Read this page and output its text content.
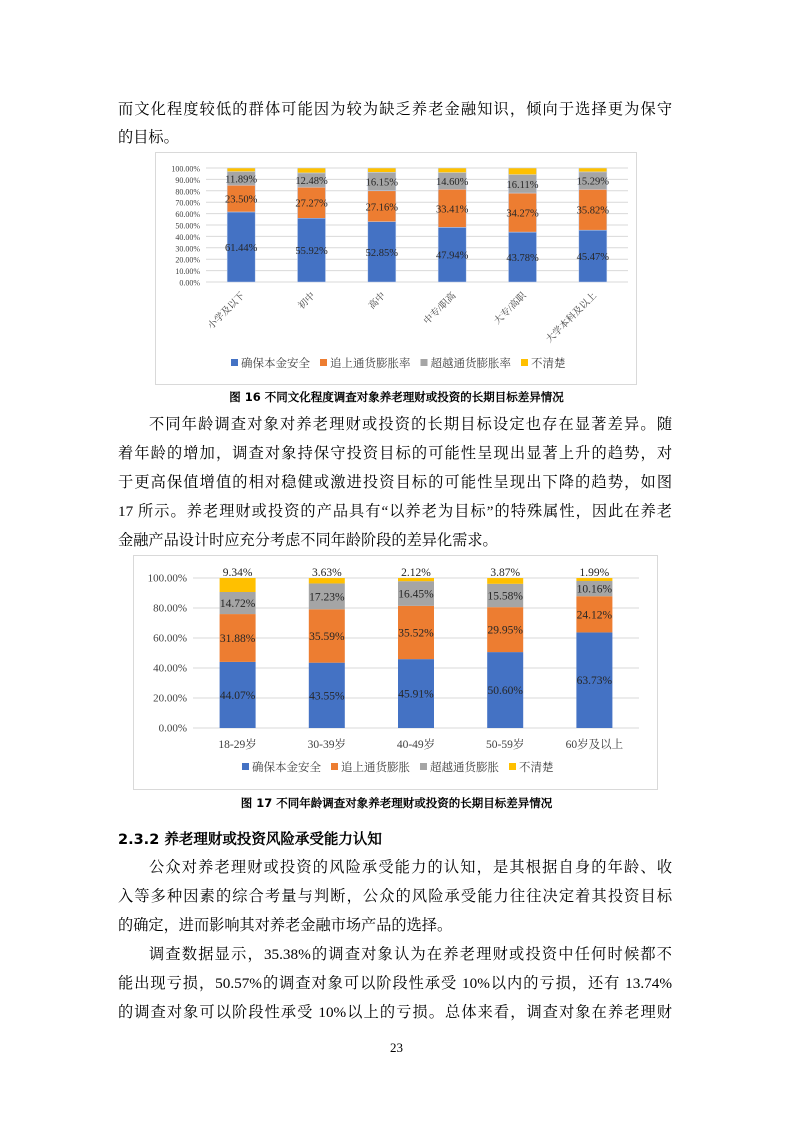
而文化程度较低的群体可能因为较为缺乏养老金融知识，倾向于选择更为保守
的目标。
0.00%
10.00%
20.00%
30.00%
40.00%
50.00%
60.00%
70.00%
80.00%
90.00%
100.00%
61.44%
23.50%
11.89%
小学及以下
55.92%
27.27%
12.48%
初中
52.85%
27.16%
16.15%
高中
47.94%
33.41%
14.60%
中专/职高
43.78%
34.27%
16.11%
大专/高职
45.47%
35.82%
15.29%
大学本科及以上
确保本金安全 追上通货膨胀率 超越通货膨胀率 不清楚
图 16 不同文化程度调查对象养老理财或投资的长期目标差异情况
不同年龄调查对象对养老理财或投资的长期目标设定也存在显著差异。随
着年龄的增加，调查对象持保守投资目标的可能性呈现出显著上升的趋势，对
于更高保值增值的相对稳健或激进投资目标的可能性呈现出下降的趋势，如图
17 所示。养老理财或投资的产品具有“以养老为目标”的特殊属性，因此在养老
金融产品设计时应充分考虑不同年龄阶段的差异化需求。
0.00%
20.00%
40.00%
60.00%
80.00%
100.00%
44.07%
31.88%
14.72%
9.34%
18-29岁
43.55%
35.59%
17.23%
3.63%
30-39岁
45.91%
35.52%
16.45%
2.12%
40-49岁
50.60%
29.95%
15.58%
3.87%
50-59岁
63.73%
24.12%
10.16%
1.99%
60岁及以上
确保本金安全 追上通货膨胀 超越通货膨胀 不清楚
图 17 不同年龄调查对象养老理财或投资的长期目标差异情况
2.3.2 养老理财或投资风险承受能力认知
公众对养老理财或投资的风险承受能力的认知，是其根据自身的年龄、收
入等多种因素的综合考量与判断，公众的风险承受能力往往决定着其投资目标
的确定，进而影响其对养老金融市场产品的选择。
调查数据显示，35.38%的调查对象认为在养老理财或投资中任何时候都不
能出现亏损，50.57%的调查对象可以阶段性承受 10%以内的亏损，还有 13.74%
的调查对象可以阶段性承受 10%以上的亏损。总体来看，调查对象在养老理财
23
